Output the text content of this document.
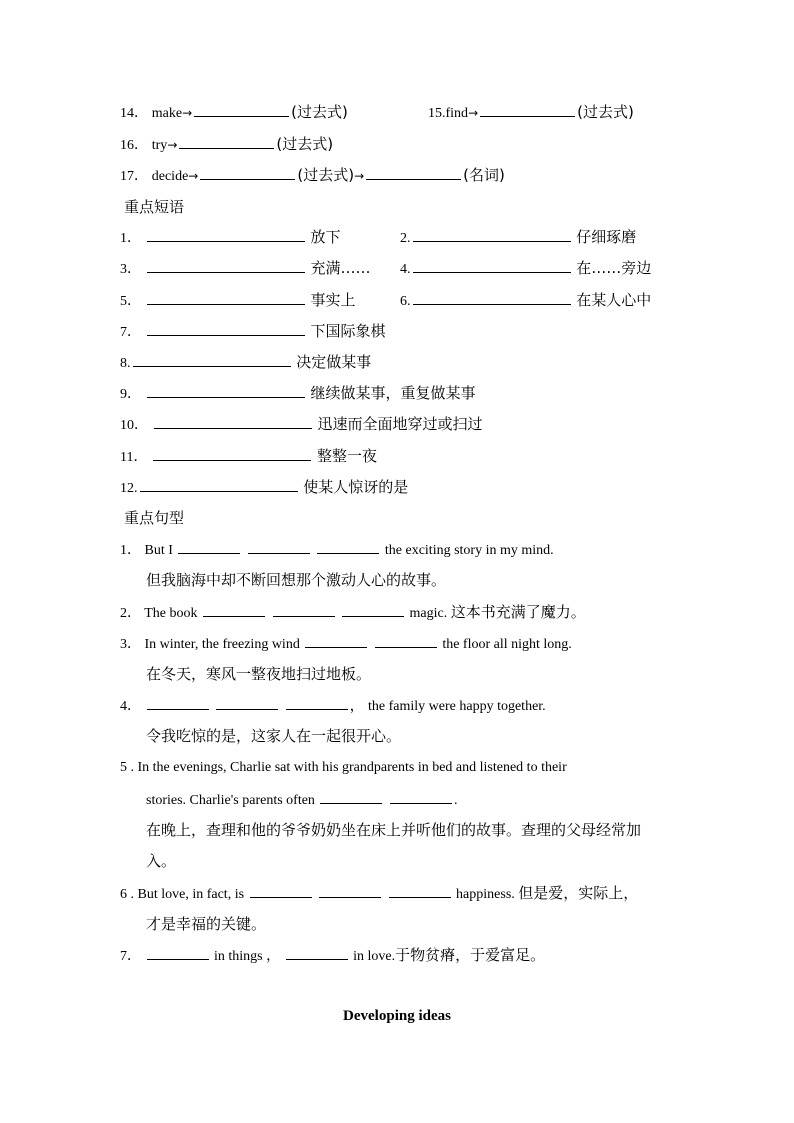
14． make→	(过去式)	15.find→	(过去式)
16． try→	(过去式)
17． decide→	(过去式)→	(名词)
重点短语
1．	放下	2.	仔细琢磨
3．	充满…… 4.	在……旁边
5．	事实上	6.	在某人心中
7．	下国际象棋
8.	决定做某事
9．	继续做某事，重复做某事
10．	迅速而全面地穿过或扫过
11．	整整一夜
12.	使某人惊讶的是
重点句型
1． But I	the exciting story in my mind.
但我脑海中却不断回想那个激动人心的故事。
2． The book	magic. 这本书充满了魔力。
3． In winter, the freezing wind	the floor all night long.
在冬天，寒风一整夜地扫过地板。
4．	， the family were happy together.
令我吃惊的是，这家人在一起很开心。
5 . In the evenings, Charlie sat with his grandparents in bed and listened to their
stories. Charlie's parents often	.
在晚上，查理和他的爷爷奶奶坐在床上并听他们的故事。查理的父母经常加
入。
6 . But love, in fact, is	happiness. 但是爱，实际上，
才是幸福的关键。
7．	in things ，	in love.于物贫瘠，于爱富足。
Developing ideas
